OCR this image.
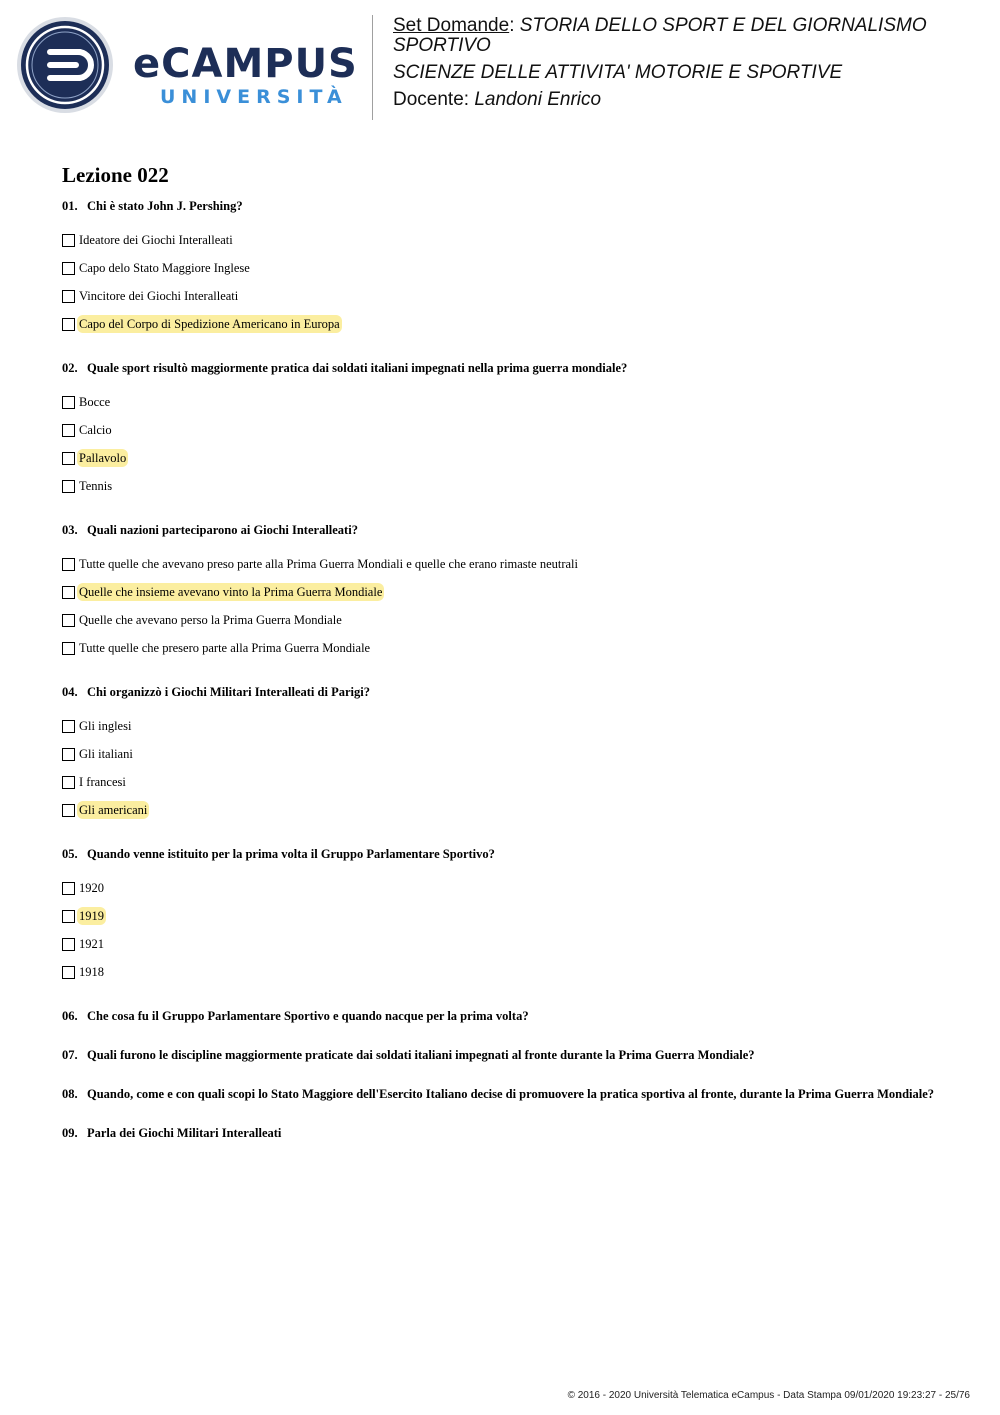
eCAMPUS
UNIVERSITÀ
Set Domande: STORIA DELLO SPORT E DEL GIORNALISMO
SPORTIVO
SCIENZE DELLE ATTIVITA' MOTORIE E SPORTIVE
Docente: Landoni Enrico
Lezione 022
01. Chi è stato John J. Pershing?
Ideatore dei Giochi Interalleati
Capo delo Stato Maggiore Inglese
Vincitore dei Giochi Interalleati
Capo del Corpo di Spedizione Americano in Europa
02. Quale sport risultò maggiormente pratica dai soldati italiani impegnati nella prima guerra mondiale?
Bocce
Calcio
Pallavolo
Tennis
03. Quali nazioni parteciparono ai Giochi Interalleati?
Tutte quelle che avevano preso parte alla Prima Guerra Mondiali e quelle che erano rimaste neutrali
Quelle che insieme avevano vinto la Prima Guerra Mondiale
Quelle che avevano perso la Prima Guerra Mondiale
Tutte quelle che presero parte alla Prima Guerra Mondiale
04. Chi organizzò i Giochi Militari Interalleati di Parigi?
Gli inglesi
Gli italiani
I francesi
Gli americani
05. Quando venne istituito per la prima volta il Gruppo Parlamentare Sportivo?
1920
1919
1921
1918
06. Che cosa fu il Gruppo Parlamentare Sportivo e quando nacque per la prima volta?
07. Quali furono le discipline maggiormente praticate dai soldati italiani impegnati al fronte durante la Prima Guerra Mondiale?
08. Quando, come e con quali scopi lo Stato Maggiore dell'Esercito Italiano decise di promuovere la pratica sportiva al fronte, durante la Prima Guerra Mondiale?
09. Parla dei Giochi Militari Interalleati
© 2016 - 2020 Università Telematica eCampus - Data Stampa 09/01/2020 19:23:27 - 25/76
